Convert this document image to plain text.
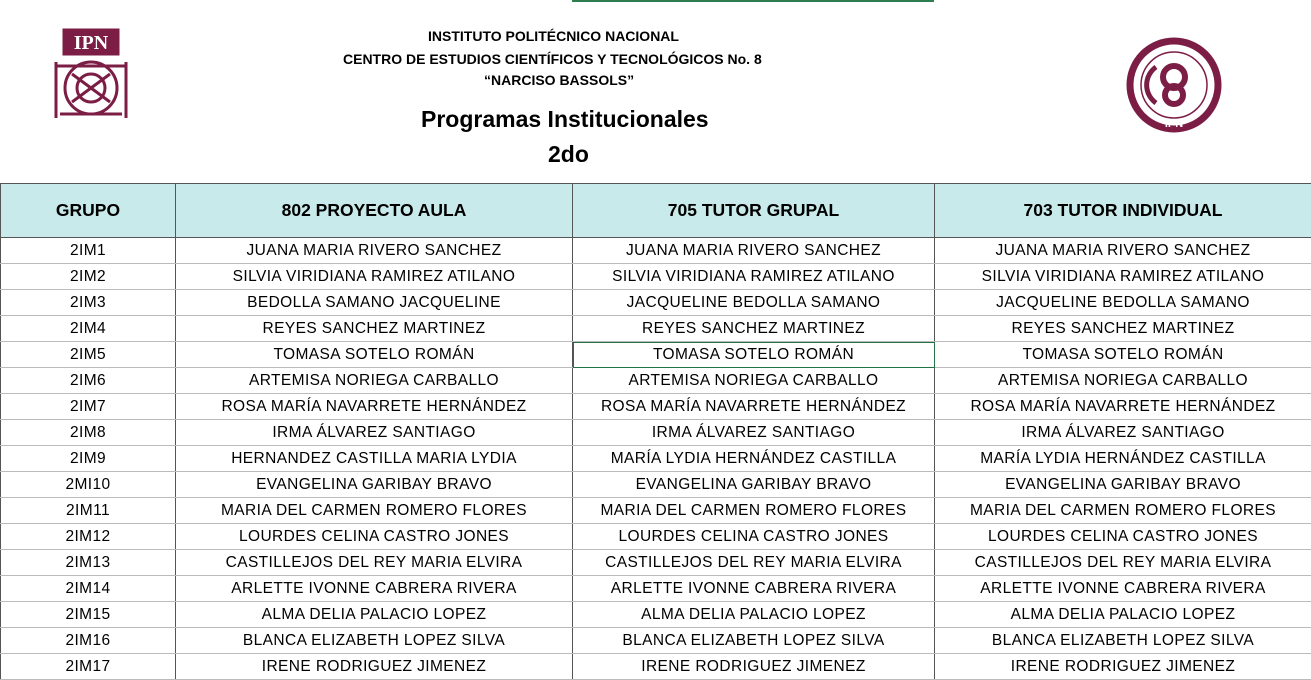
IPN	INSTITUTO POLITÉCNICO NACIONAL
CENTRO DE ESTUDIOS CIENTÍFICOS Y TECNOLÓGICOS No. 8
“NARCISO BASSOLS”
Programas Institucionales
2do
IPN
GRUPO	802 PROYECTO AULA	705 TUTOR GRUPAL	703 TUTOR INDIVIDUAL
2IM1	JUANA MARIA RIVERO SANCHEZ	JUANA MARIA RIVERO SANCHEZ	JUANA MARIA RIVERO SANCHEZ
2IM2	SILVIA VIRIDIANA RAMIREZ ATILANO	SILVIA VIRIDIANA RAMIREZ ATILANO	SILVIA VIRIDIANA RAMIREZ ATILANO
2IM3	BEDOLLA SAMANO JACQUELINE	JACQUELINE BEDOLLA SAMANO	JACQUELINE BEDOLLA SAMANO
2IM4	REYES SANCHEZ MARTINEZ	REYES SANCHEZ MARTINEZ	REYES SANCHEZ MARTINEZ
2IM5	TOMASA SOTELO ROMÁN	TOMASA SOTELO ROMÁN	TOMASA SOTELO ROMÁN
2IM6	ARTEMISA NORIEGA CARBALLO	ARTEMISA NORIEGA CARBALLO	ARTEMISA NORIEGA CARBALLO
2IM7	ROSA MARÍA NAVARRETE HERNÁNDEZ	ROSA MARÍA NAVARRETE HERNÁNDEZ	ROSA MARÍA NAVARRETE HERNÁNDEZ
2IM8	IRMA ÁLVAREZ SANTIAGO	IRMA ÁLVAREZ SANTIAGO	IRMA ÁLVAREZ SANTIAGO
2IM9	HERNANDEZ CASTILLA MARIA LYDIA	MARÍA LYDIA HERNÁNDEZ CASTILLA	MARÍA LYDIA HERNÁNDEZ CASTILLA
2MI10	EVANGELINA GARIBAY BRAVO	EVANGELINA GARIBAY BRAVO	EVANGELINA GARIBAY BRAVO
2IM11	MARIA DEL CARMEN ROMERO FLORES	MARIA DEL CARMEN ROMERO FLORES	MARIA DEL CARMEN ROMERO FLORES
2IM12	LOURDES CELINA CASTRO JONES	LOURDES CELINA CASTRO JONES	LOURDES CELINA CASTRO JONES
2IM13	CASTILLEJOS DEL REY MARIA ELVIRA	CASTILLEJOS DEL REY MARIA ELVIRA	CASTILLEJOS DEL REY MARIA ELVIRA
2IM14	ARLETTE IVONNE CABRERA RIVERA	ARLETTE IVONNE CABRERA RIVERA	ARLETTE IVONNE CABRERA RIVERA
2IM15	ALMA DELIA PALACIO LOPEZ	ALMA DELIA PALACIO LOPEZ	ALMA DELIA PALACIO LOPEZ
2IM16	BLANCA ELIZABETH LOPEZ SILVA	BLANCA ELIZABETH LOPEZ SILVA	BLANCA ELIZABETH LOPEZ SILVA
2IM17	IRENE RODRIGUEZ JIMENEZ	IRENE RODRIGUEZ JIMENEZ	IRENE RODRIGUEZ JIMENEZ
